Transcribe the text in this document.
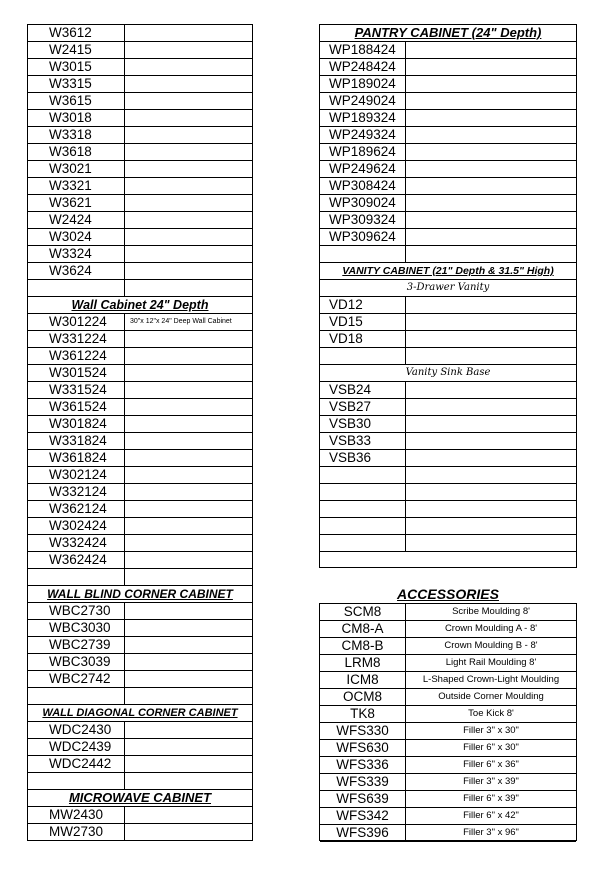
W3612
W2415
W3015
W3315
W3615
W3018
W3318
W3618
W3021
W3321
W3621
W2424
W3024
W3324
W3624
Wall Cabinet 24" Depth
W301224	30"x 12"x 24" Deep Wall Cabinet
W331224
W361224
W301524
W331524
W361524
W301824
W331824
W361824
W302124
W332124
W362124
W302424
W332424
W362424
WALL BLIND CORNER CABINET
WBC2730
WBC3030
WBC2739
WBC3039
WBC2742
WALL DIAGONAL CORNER CABINET
WDC2430
WDC2439
WDC2442
MICROWAVE CABINET
MW2430
MW2730
PANTRY CABINET (24" Depth)
WP188424
WP248424
WP189024
WP249024
WP189324
WP249324
WP189624
WP249624
WP308424
WP309024
WP309324
WP309624
VANITY CABINET (21" Depth & 31.5" High)
3-Drawer Vanity
VD12
VD15
VD18
Vanity Sink Base
VSB24
VSB27
VSB30
VSB33
VSB36
ACCESSORIES
SCM8	Scribe Moulding 8'
CM8-A	Crown Moulding A - 8'
CM8-B	Crown Moulding B - 8'
LRM8	Light Rail Moulding 8'
ICM8	L-Shaped Crown-Light Moulding
OCM8	Outside Corner Moulding
TK8	Toe Kick 8'
WFS330	Filler 3" x 30"
WFS630	Filler 6" x 30"
WFS336	Filler 6" x 36"
WFS339	Filler 3" x 39"
WFS639	Filler 6" x 39"
WFS342	Filler 6" x 42"
WFS396	Filler 3" x 96"
